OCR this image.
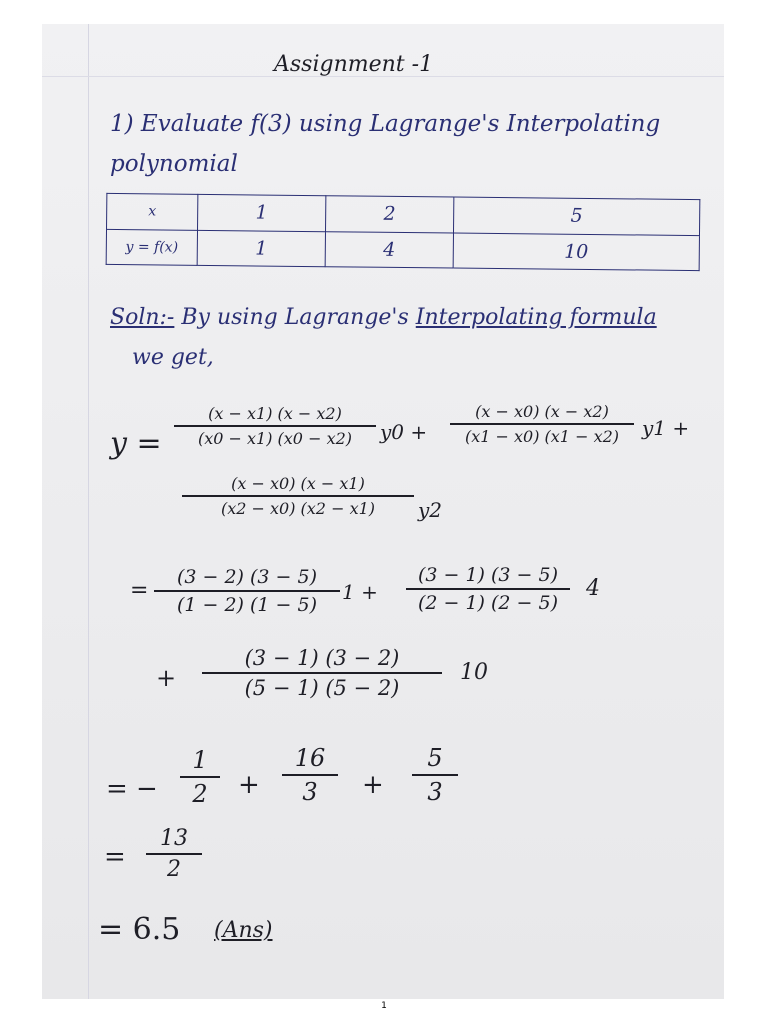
Assignment -1
1) Evaluate f(3) using Lagrange's Interpolating polynomial
x	1	2	5
y = f(x)	1	4	10
Soln:- By using Lagrange's Interpolating formula
we get,
y =
(x − x1) (x − x2)
(x0 − x1) (x0 − x2)	y0 +
(x − x0) (x − x2)
(x1 − x0) (x1 − x2)	y1 +
(x − x0) (x − x1)
(x2 − x0) (x2 − x1)	y2
=
(3 − 2) (3 − 5)
(1 − 2) (1 − 5)
1 +
(3 − 1) (3 − 5)
(2 − 1) (2 − 5)
4
+
(3 − 1) (3 − 2)
(5 − 1) (5 − 2)
10
= −
1
2	+
16
3	+
5
3
=
13
2
= 6.5 (Ans)
1
